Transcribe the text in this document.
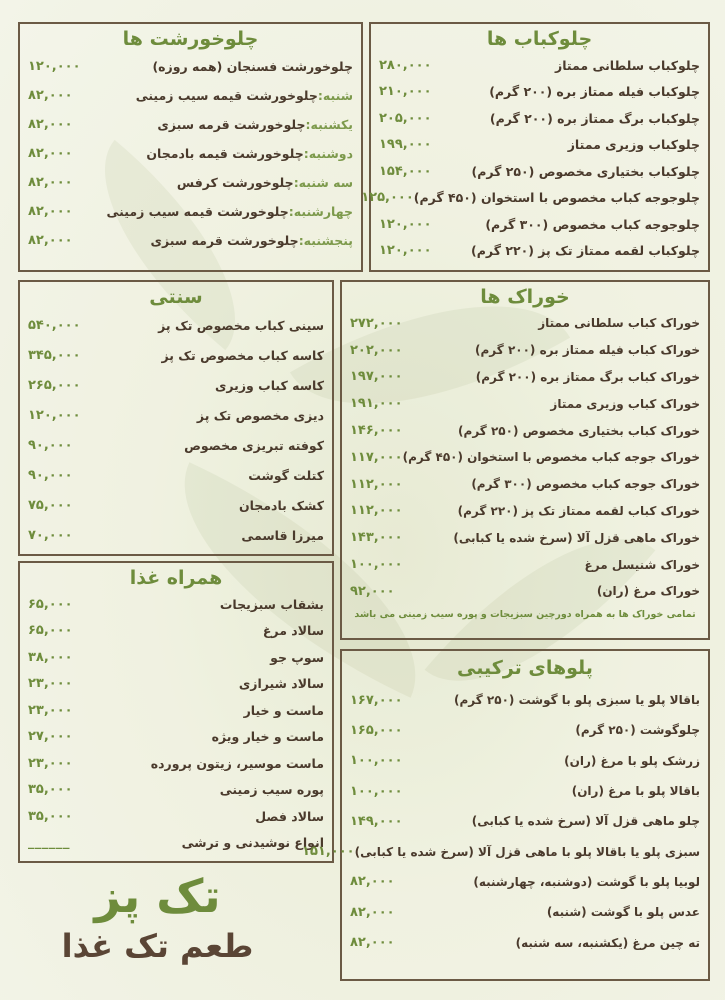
چلوکباب ها
چلوکباب سلطانی ممتاز
۲۸۰,۰۰۰
چلوکباب فیله ممتاز بره (۲۰۰ گرم)
۲۱۰,۰۰۰
چلوکباب برگ ممتاز بره (۲۰۰ گرم)
۲۰۵,۰۰۰
چلوکباب وزیری ممتاز
۱۹۹,۰۰۰
چلوکباب بختیاری مخصوص (۲۵۰ گرم)
۱۵۴,۰۰۰
چلوجوجه کباب مخصوص با استخوان (۴۵۰ گرم)
۱۲۵,۰۰۰
چلوجوجه کباب مخصوص (۳۰۰ گرم)
۱۲۰,۰۰۰
چلوکباب لقمه ممتاز تک پز (۲۲۰ گرم)
۱۲۰,۰۰۰
چلوخورشت ها
چلوخورشت فسنجان (همه روزه)
۱۲۰,۰۰۰
شنبه:چلوخورشت قیمه سیب زمینی
۸۲,۰۰۰
یکشنبه:چلوخورشت قرمه سبزی
۸۲,۰۰۰
دوشنبه:چلوخورشت قیمه بادمجان
۸۲,۰۰۰
سه شنبه:چلوخورشت کرفس
۸۲,۰۰۰
چهارشنبه:چلوخورشت قیمه سیب زمینی
۸۲,۰۰۰
پنجشنبه:چلوخورشت قرمه سبزی
۸۲,۰۰۰
خوراک ها
خوراک کباب سلطانی ممتاز
۲۷۲,۰۰۰
خوراک کباب فیله ممتاز بره (۲۰۰ گرم)
۲۰۲,۰۰۰
خوراک کباب برگ ممتاز بره (۲۰۰ گرم)
۱۹۷,۰۰۰
خوراک کباب وزیری ممتاز
۱۹۱,۰۰۰
خوراک کباب بختیاری مخصوص (۲۵۰ گرم)
۱۴۶,۰۰۰
خوراک جوجه کباب مخصوص با استخوان (۴۵۰ گرم)
۱۱۷,۰۰۰
خوراک جوجه کباب مخصوص (۳۰۰ گرم)
۱۱۲,۰۰۰
خوراک کباب لقمه ممتاز تک پز (۲۲۰ گرم)
۱۱۲,۰۰۰
خوراک ماهی قزل آلا (سرخ شده یا کبابی)
۱۴۳,۰۰۰
خوراک شنیسل مرغ
۱۰۰,۰۰۰
خوراک مرغ (ران)
۹۲,۰۰۰
تمامی خوراک ها به همراه دورچین سبزیجات و پوره سیب زمینی می باشد
سنتی
سینی کباب مخصوص تک پز
۵۴۰,۰۰۰
کاسه کباب مخصوص تک پز
۳۴۵,۰۰۰
کاسه کباب وزیری
۲۶۵,۰۰۰
دیزی مخصوص تک پز
۱۲۰,۰۰۰
کوفته تبریزی مخصوص
۹۰,۰۰۰
کتلت گوشت
۹۰,۰۰۰
کشک بادمجان
۷۵,۰۰۰
میرزا قاسمی
۷۰,۰۰۰
همراه غذا
بشقاب سبزیجات
۶۵,۰۰۰
سالاد مرغ
۶۵,۰۰۰
سوپ جو
۳۸,۰۰۰
سالاد شیرازی
۲۳,۰۰۰
ماست و خیار
۲۳,۰۰۰
ماست و خیار ویژه
۲۷,۰۰۰
ماست موسیر، زیتون پرورده
۲۳,۰۰۰
پوره سیب زمینی
۳۵,۰۰۰
سالاد فصل
۳۵,۰۰۰
انواع نوشیدنی و ترشی
______
پلوهای ترکیبی
باقالا پلو یا سبزی پلو با گوشت (۲۵۰ گرم)
۱۶۷,۰۰۰
چلوگوشت (۲۵۰ گرم)
۱۶۵,۰۰۰
زرشک پلو با مرغ (ران)
۱۰۰,۰۰۰
باقالا پلو با مرغ (ران)
۱۰۰,۰۰۰
چلو ماهی قزل آلا (سرخ شده یا کبابی)
۱۴۹,۰۰۰
سبزی پلو یا باقالا پلو با ماهی قزل آلا (سرخ شده یا کبابی)
۱۵۱,۰۰۰
لوبیا پلو با گوشت (دوشنبه، چهارشنبه)
۸۲,۰۰۰
عدس پلو با گوشت (شنبه)
۸۲,۰۰۰
ته چین مرغ (یکشنبه، سه شنبه)
۸۲,۰۰۰
تک پز
طعم تک غذا
